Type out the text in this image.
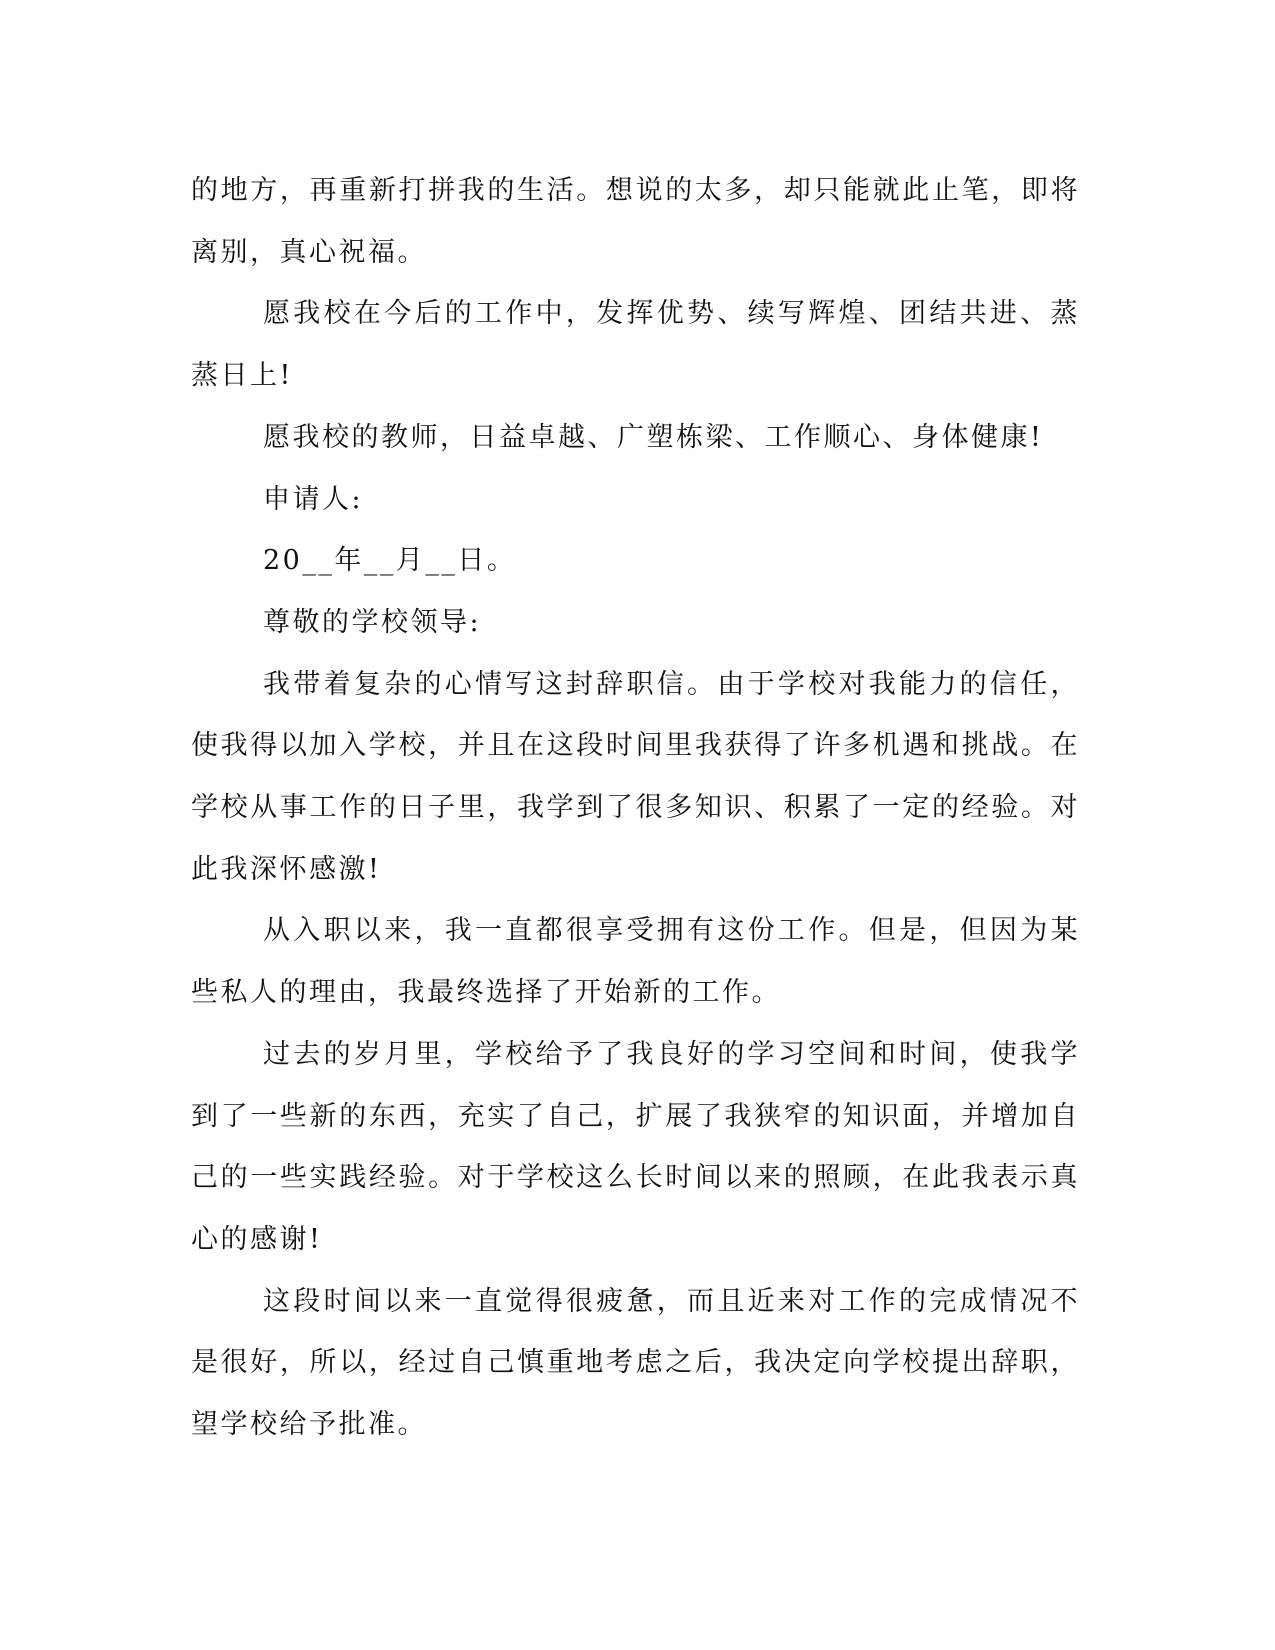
的地方，再重新打拼我的生活。想说的太多，却只能就此止笔，即将离别，真心祝福。

愿我校在今后的工作中，发挥优势、续写辉煌、团结共进、蒸蒸日上!

愿我校的教师，日益卓越、广塑栋梁、工作顺心、身体健康!

申请人:

20__年__月__日。

尊敬的学校领导:

我带着复杂的心情写这封辞职信。由于学校对我能力的信任，使我得以加入学校，并且在这段时间里我获得了许多机遇和挑战。在学校从事工作的日子里，我学到了很多知识、积累了一定的经验。对此我深怀感激!

从入职以来，我一直都很享受拥有这份工作。但是，但因为某些私人的理由，我最终选择了开始新的工作。

过去的岁月里，学校给予了我良好的学习空间和时间，使我学到了一些新的东西，充实了自己，扩展了我狭窄的知识面，并增加自己的一些实践经验。对于学校这么长时间以来的照顾，在此我表示真心的感谢!

这段时间以来一直觉得很疲惫，而且近来对工作的完成情况不是很好，所以，经过自己慎重地考虑之后，我决定向学校提出辞职，望学校给予批准。
